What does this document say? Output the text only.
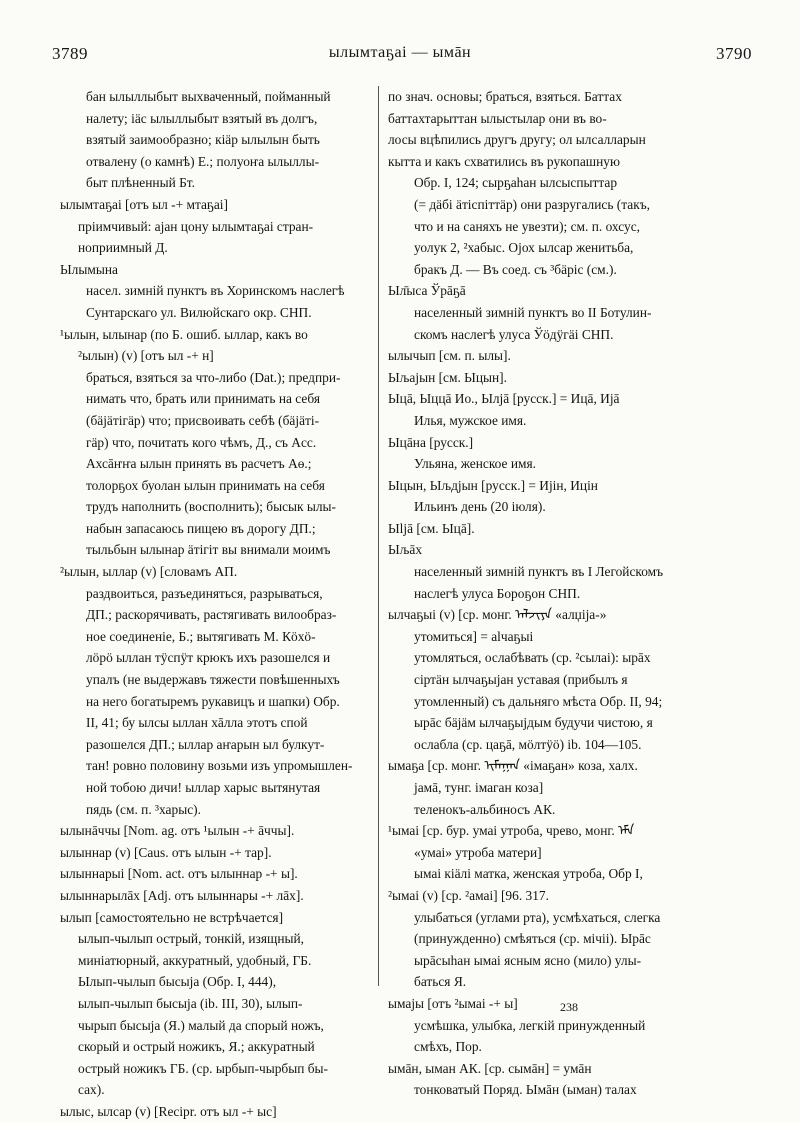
3789	ылымтаҕаі — ымāн	3790
бан ылыллыбыт выхваченный, пойманный
налету; іäс ылыллыбыт взятый въ долгъ,
взятый заимообразно; кіäр ылылын быть
отвалену (о камнѣ) Е.; полуоҥа ылыллы-
быт плѣненный Бт.
ылымтаҕаі [отъ ыл -+ мтаҕаі]
прiимчивый: аjан цону ылымтаҕаі стран-
ноприимный Д.
Ылымына
насел. зимній пунктъ въ Хоринскомъ наслегѣ
Сунтарскаго ул. Вилюйскаго окр. СНП.
¹ылын, ылынар (по Б. ошиб. ыллар, какъ во
²ылын) (v) [отъ ыл -+ н]
браться, взяться за что-либо (Dat.); предпри-
нимать что, брать или принимать на себя
(бäjäтiгäр) что; присвоивать себѣ (бäjäті-
гäр) что, почитать кого чѣмъ, Д., съ Acc.
Ахсāҥҥа ылын принять въ расчетъ Аө.;
толорҕох буолан ылын принимать на себя
трудъ наполнить (восполнить); бысык ылы-
набын запасаюсь пищею въ дорогу ДП.;
тыльбын ылынар äтігіт вы внимали моимъ
²ылын, ыллар (v) [словамъ АП.
раздвоиться, разъединяться, разрываться,
ДП.; раскорячивать, растягивать вилообраз-
ное соединеніе, Б.; вытягивать М. Кöхö-
лöрö ыллан тÿспÿт крюкъ ихъ разошелся и
упалъ (не выдержавъ тяжести повѣшенныхъ
на него богатыремъ рукавицъ и шапки) Обр.
II, 41; бу ылсы ыллан хāлла этотъ спой
разошелся ДП.; ыллар аҥарын ыл булкут-
тан! ровно половину возьми изъ упромышлен-
ной тобою дичи! ыллар харыс вытянутая
пядь (см. п. ³харыс).
ылынāччы [Nom. ag. отъ ¹ылын -+ āччы].
ылыннар (v) [Caus. отъ ылын -+ тар].
ылыннарыі [Nom. act. отъ ылыннар -+ ы].
ылыннарылāх [Adj. отъ ылыннары -+ лāх].
ылып [самостоятельно не встрѣчается]
ылып-чылып острый, тонкій, изящный,
миніатюрный, аккуратный, удобный, ГБ.
Ылып-чылып бысыја (Обр. I, 444),
ылып-чылып бысыја (ib. III, 30), ылып-
чырып бысыја (Я.) малый да спорый ножъ,
скорый и острый ножикъ, Я.; аккуратный
острый ножикъ ГБ. (ср. ырбып-чырбып бы-
сах).
ылыс, ылсар (v) [Recipr. отъ ыл -+ ыс]
по знач. основы; браться, взяться. Баттах
баттахтарыттан ылыстылар они въ во-
лосы вцѣпились другъ другу; ол ылсалларын
кытта и какъ схватились въ рукопашную
Обр. I, 124; сырҕаһан ылсыспыттар
(= дäбі äтіспіттäр) они разругались (такъ,
что и на саняхъ не увезти); см. п. охсус,
уолук 2, ²хабыс. Ојох ылсар женитьба,
бракъ Д. — Въ соед. съ ³бäріс (см.).
Ыл̄ыса Ўрāҕā
населенный зимній пунктъ во II Ботулин-
скомъ наслегѣ улуса Ўöдÿгäі СНП.
ылычып [см. п. ылы].
Ыљајын [см. Ыцын].
Ыцā, Ыццā Ио., Ылjā [русск.] = Ицā, Ијā
Илья, мужское имя.
Ыцāна [русск.]
Ульяна, женское имя.
Ыцын, Ыљдјын [русск.] = Ијін, Ицін
Ильинъ день (20 іюля).
Ыljā [см. Ыцā].
Ыљāх
населенный зимній пунктъ въ I Легойскомъ
наслегѣ улуса Бороҕон СНП.
ылчаҕыі (v) [ср. монг. ᠠᠯᠵᠢᠶᠠ «алџіја-»
утомиться] = аlчаҕыі
утомляться, ослабѣвать (ср. ²сылаі): ырāх
сіртäн ылчаҕыјан уставая (прибылъ я
утомленный) съ дальняго мѣста Обр. II, 94;
ырāс бäјäм ылчаҕыјдым будучи чистою, я
ослабла (ср. цаҕā, мöлтÿö) ib. 104—105.
ымаҕа [ср. монг. ᠢᠮᠠᠭᠠᠨ «імаҕан» коза, халх.
јамā, тунг. імаган коза]
теленокъ-альбиносъ АК.
¹ымаі [ср. бур. умаі утроба, чрево, монг. ᠡᠮᠡ
«умаі» утроба матери]
ымаі кіäлі матка, женская утроба, Обр I,
²ымаі (v) [ср. ²амаі] [96. 317.
улыбаться (углами рта), усмѣхаться, слегка
(принужденно) смѣяться (ср. мічіі). Ырāс
ырāсыһан ымаі ясным ясно (мило) улы-
баться Я.
ымајы [отъ ²ымаі -+ ы]
усмѣшка, улыбка, легкій принужденный
смѣхъ, Пор.
ымāн, ыман АК. [ср. сымāн] = умāн
тонковатый Поряд. Ымāн (ыман) талах
238
